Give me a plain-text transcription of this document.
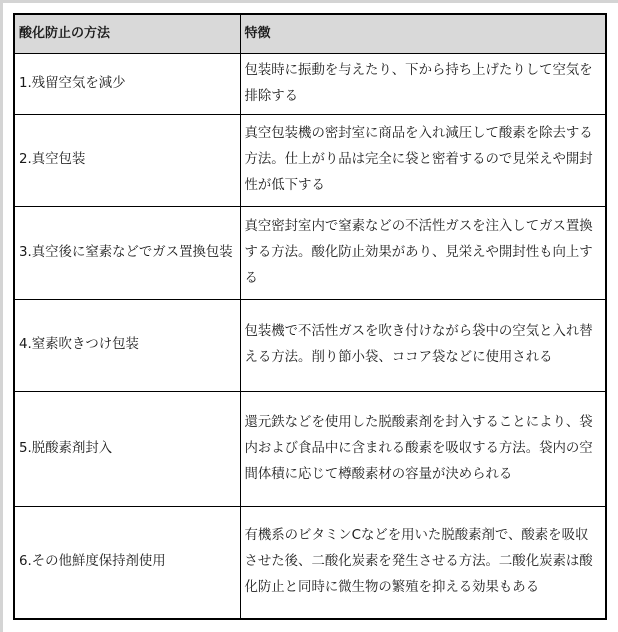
酸化防止の方法	特徴
1.残留空気を減少	包装時に振動を与えたり、下から持ち上げたりして空気を排除する
2.真空包装	真空包装機の密封室に商品を入れ減圧して酸素を除去する方法。仕上がり品は完全に袋と密着するので見栄えや開封性が低下する
3.真空後に窒素などでガス置換包装	真空密封室内で窒素などの不活性ガスを注入してガス置換する方法。酸化防止効果があり、見栄えや開封性も向上する
4.窒素吹きつけ包装	包装機で不活性ガスを吹き付けながら袋中の空気と入れ替える方法。削り節小袋、ココア袋などに使用される
5.脱酸素剤封入	還元鉄などを使用した脱酸素剤を封入することにより、袋内および食品中に含まれる酸素を吸収する方法。袋内の空間体積に応じて樽酸素材の容量が決められる
6.その他鮮度保持剤使用	有機系のビタミンCなどを用いた脱酸素剤で、酸素を吸収させた後、二酸化炭素を発生させる方法。二酸化炭素は酸化防止と同時に微生物の繁殖を抑える効果もある
